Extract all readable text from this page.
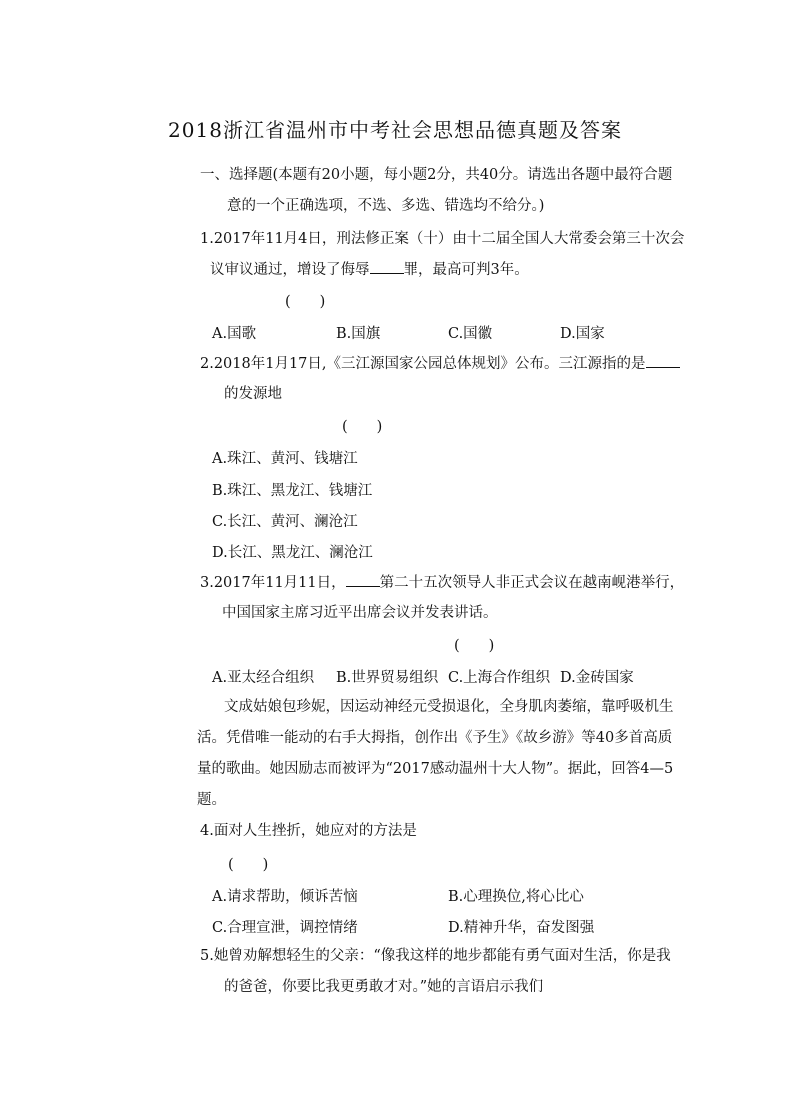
2018浙江省温州市中考社会思想品德真题及答案
一、选择题(本题有20小题，每小题2分，共40分。请选出各题中最符合题
意的一个正确选项，不选、多选、错选均不给分。)
1.2017年11月4日，刑法修正案（十）由十二届全国人大常委会第三十次会
议审议通过，增设了侮辱 罪，最高可判3年。
(　　)
A.国歌	B.国旗	C.国徽	D.国家
2.2018年1月17日,《三江源国家公园总体规划》公布。三江源指的是
的发源地
(　　)
A.珠江、黄河、钱塘江
B.珠江、黑龙江、钱塘江
C.长江、黄河、澜沧江
D.长江、黑龙江、澜沧江
3.2017年11月11日， 第二十五次领导人非正式会议在越南岘港举行，
中国国家主席习近平出席会议并发表讲话。
(　　)
A.亚太经合组织 B.世界贸易组织 C.上海合作组织 D.金砖国家
文成姑娘包珍妮，因运动神经元受损退化，全身肌肉萎缩，靠呼吸机生
活。凭借唯一能动的右手大拇指，创作出《予生》《故乡游》等40多首高质
量的歌曲。她因励志而被评为“2017感动温州十大人物”。据此，回答4—5
题。
4.面对人生挫折，她应对的方法是
(　　)
A.请求帮助，倾诉苦恼	B.心理换位,将心比心
C.合理宣泄，调控情绪	D.精神升华，奋发图强
5.她曾劝解想轻生的父亲：“像我这样的地步都能有勇气面对生活，你是我
的爸爸，你要比我更勇敢才对。”她的言语启示我们
